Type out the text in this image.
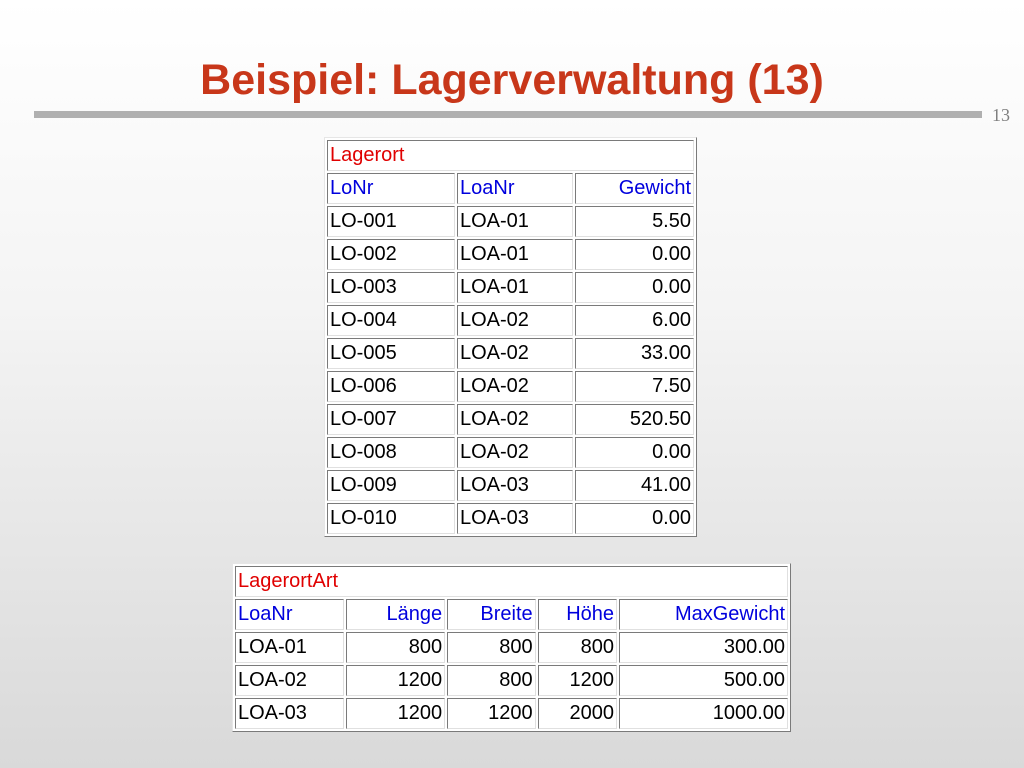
Beispiel: Lagerverwaltung (13)
13
Lagerort		
LoNr	LoaNr	Gewicht
LO-001	LOA-01	5.50
LO-002	LOA-01	0.00
LO-003	LOA-01	0.00
LO-004	LOA-02	6.00
LO-005	LOA-02	33.00
LO-006	LOA-02	7.50
LO-007	LOA-02	520.50
LO-008	LOA-02	0.00
LO-009	LOA-03	41.00
LO-010	LOA-03	0.00
LagerortArt				
LoaNr	Länge	Breite	Höhe	MaxGewicht
LOA-01	800	800	800	300.00
LOA-02	1200	800	1200	500.00
LOA-03	1200	1200	2000	1000.00
